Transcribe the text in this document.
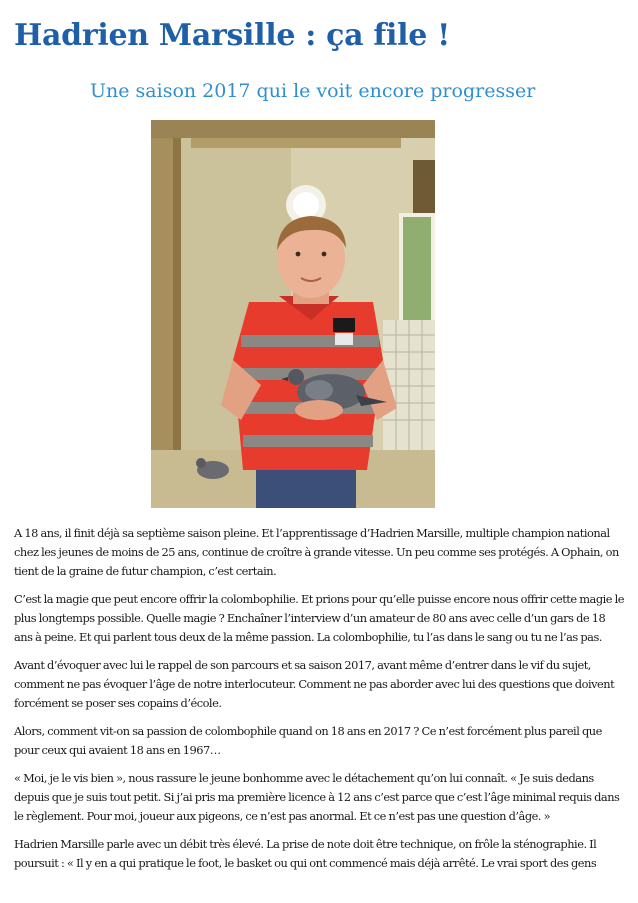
Hadrien Marsille : ça file !
Une saison 2017 qui le voit encore progresser

A 18 ans, il finit déjà sa septième saison pleine. Et l’apprentissage d’Hadrien Marsille, multiple champion national chez les jeunes de moins de 25 ans, continue de croître à grande vitesse. Un peu comme ses protégés. A Ophain, on tient de la graine de futur champion, c’est certain.

C’est la magie que peut encore offrir la colombophilie. Et prions pour qu’elle puisse encore nous offrir cette magie le plus longtemps possible. Quelle magie ? Enchaîner l’interview d’un amateur de 80 ans avec celle d’un gars de 18 ans à peine. Et qui parlent tous deux de la même passion. La colombophilie, tu l’as dans le sang ou tu ne l’as pas.

Avant d’évoquer avec lui le rappel de son parcours et sa saison 2017, avant même d’entrer dans le vif du sujet, comment ne pas évoquer l’âge de notre interlocuteur. Comment ne pas aborder avec lui des questions que doivent forcément se poser ses copains d’école.

Alors, comment vit-on sa passion de colombophile quand on 18 ans en 2017 ? Ce n’est forcément plus pareil que pour ceux qui avaient 18 ans en 1967…

« Moi, je le vis bien », nous rassure le jeune bonhomme avec le détachement qu’on lui connaît. « Je suis dedans depuis que je suis tout petit. Si j’ai pris ma première licence à 12 ans c’est parce que c’est l’âge minimal requis dans le règlement. Pour moi, joueur aux pigeons, ce n’est pas anormal. Et ce n’est pas une question d’âge. »

Hadrien Marsille parle avec un débit très élevé. La prise de note doit être technique, on frôle la sténographie. Il poursuit : « Il y en a qui pratique le foot, le basket ou qui ont commencé mais déjà arrêté. Le vrai sport des gens
